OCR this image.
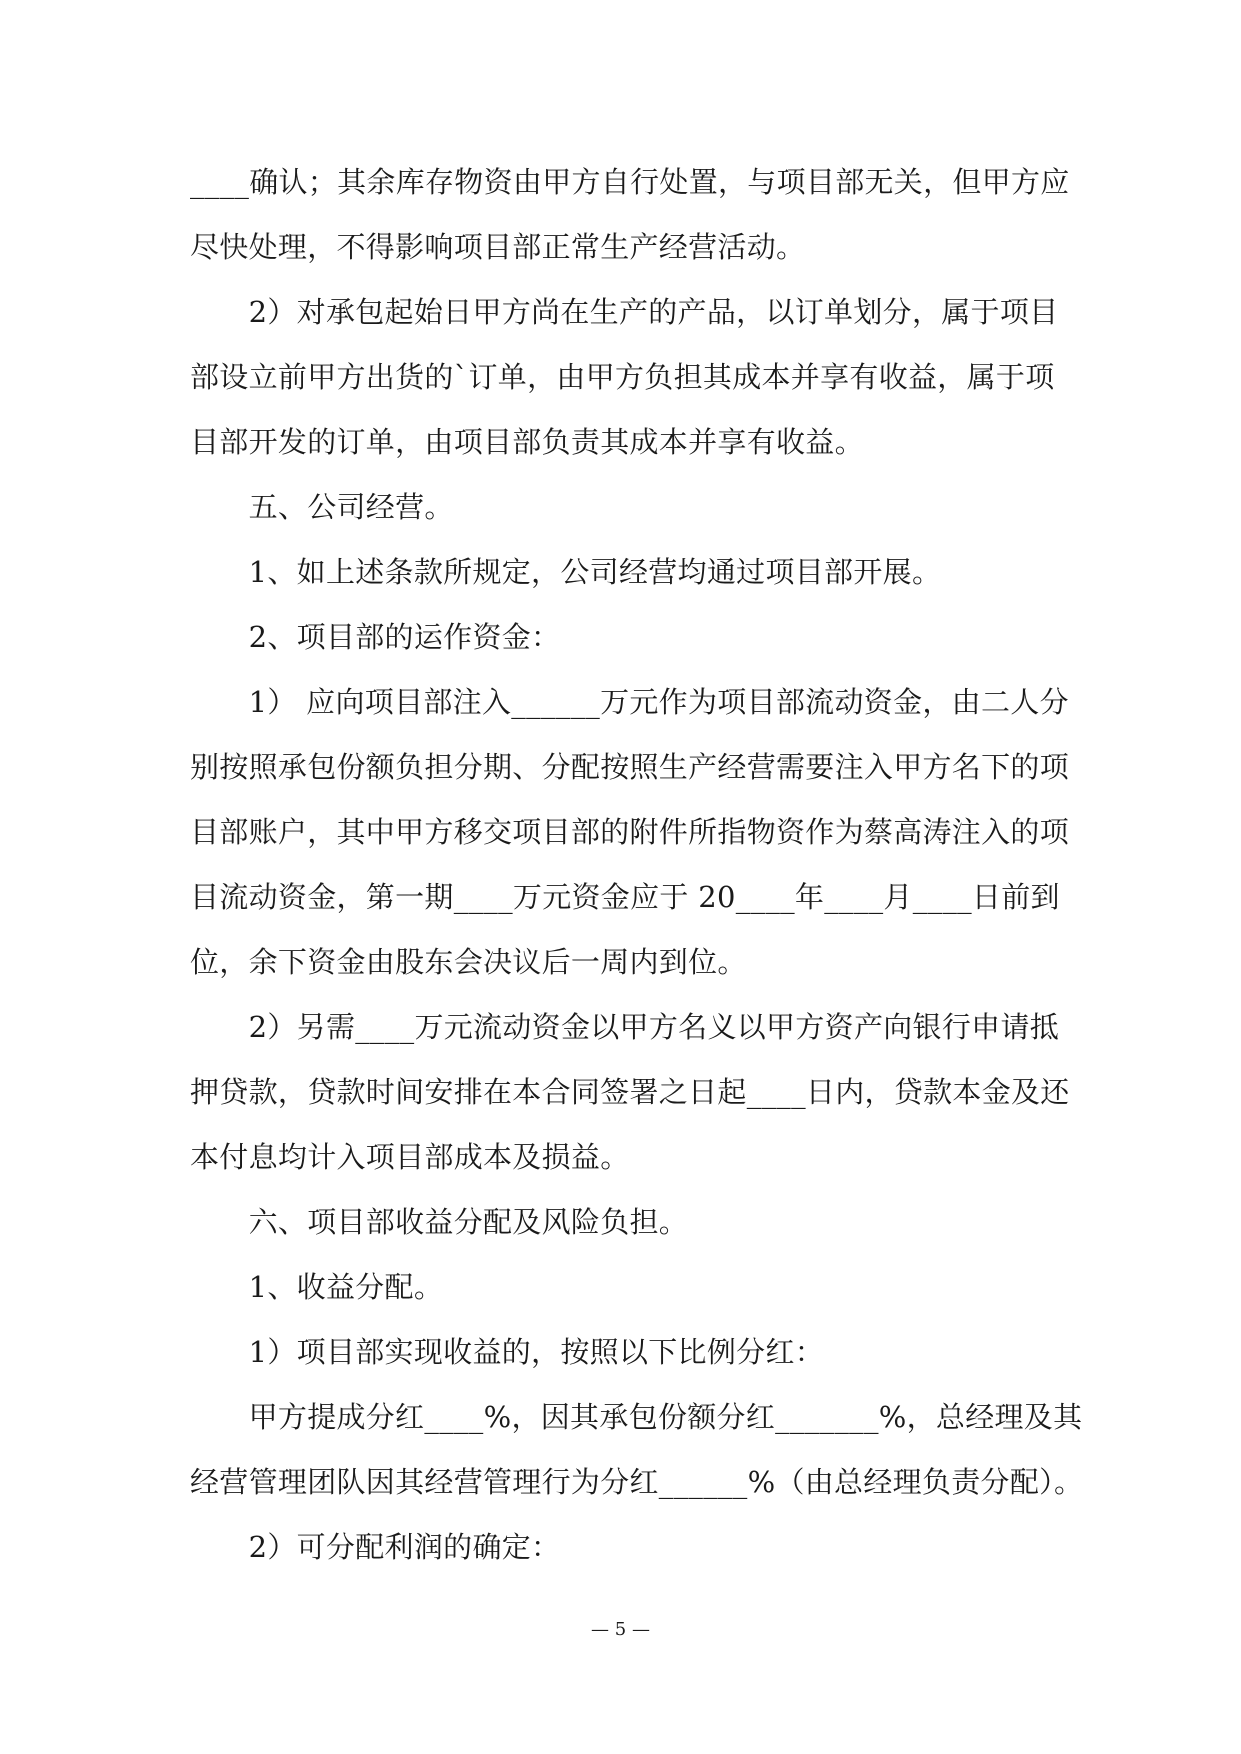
____确认；其余库存物资由甲方自行处置，与项目部无关，但甲方应
尽快处理，不得影响项目部正常生产经营活动。
　　2）对承包起始日甲方尚在生产的产品，以订单划分，属于项目
部设立前甲方出货的`订单，由甲方负担其成本并享有收益，属于项
目部开发的订单，由项目部负责其成本并享有收益。
　　五、公司经营。
　　1、如上述条款所规定，公司经营均通过项目部开展。
　　2、项目部的运作资金：
　　1） 应向项目部注入______万元作为项目部流动资金，由二人分
别按照承包份额负担分期、分配按照生产经营需要注入甲方名下的项
目部账户，其中甲方移交项目部的附件所指物资作为蔡高涛注入的项
目流动资金，第一期____万元资金应于 20____年____月____日前到
位，余下资金由股东会决议后一周内到位。
　　2）另需____万元流动资金以甲方名义以甲方资产向银行申请抵
押贷款，贷款时间安排在本合同签署之日起____日内，贷款本金及还
本付息均计入项目部成本及损益。
　　六、项目部收益分配及风险负担。
　　1、收益分配。
　　1）项目部实现收益的，按照以下比例分红：
　　甲方提成分红____%，因其承包份额分红_______%，总经理及其
经营管理团队因其经营管理行为分红______%（由总经理负责分配）。
　　2）可分配利润的确定：
— 5 —
